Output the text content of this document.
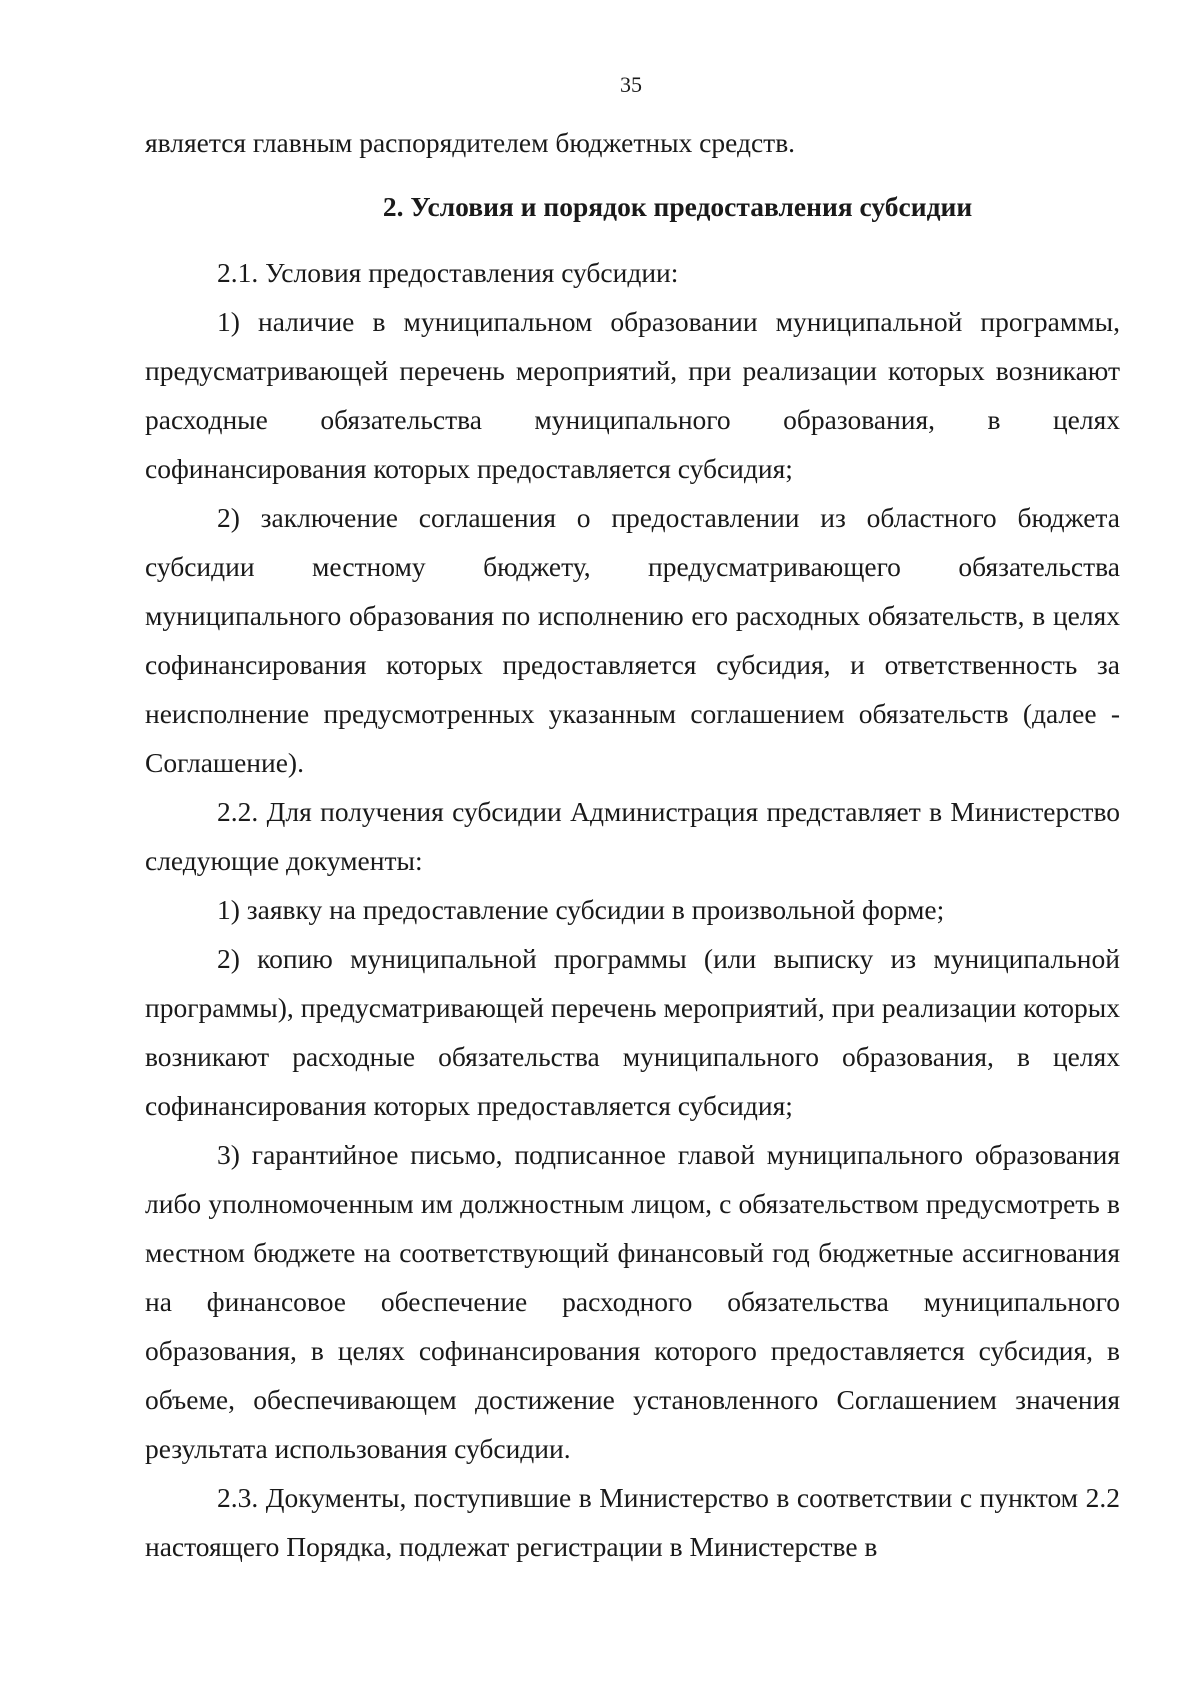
35

является главным распорядителем бюджетных средств.

2. Условия и порядок предоставления субсидии

2.1. Условия предоставления субсидии:

1) наличие в муниципальном образовании муниципальной программы, предусматривающей перечень мероприятий, при реализации которых возникают расходные обязательства муниципального образования, в целях софинансирования которых предоставляется субсидия;

2) заключение соглашения о предоставлении из областного бюджета субсидии местному бюджету, предусматривающего обязательства муниципального образования по исполнению его расходных обязательств, в целях софинансирования которых предоставляется субсидия, и ответственность за неисполнение предусмотренных указанным соглашением обязательств (далее - Соглашение).

2.2. Для получения субсидии Администрация представляет в Министерство следующие документы:

1) заявку на предоставление субсидии в произвольной форме;

2) копию муниципальной программы (или выписку из муниципальной программы), предусматривающей перечень мероприятий, при реализации которых возникают расходные обязательства муниципального образования, в целях софинансирования которых предоставляется субсидия;

3) гарантийное письмо, подписанное главой муниципального образования либо уполномоченным им должностным лицом, с обязательством предусмотреть в местном бюджете на соответствующий финансовый год бюджетные ассигнования на финансовое обеспечение расходного обязательства муниципального образования, в целях софинансирования которого предоставляется субсидия, в объеме, обеспечивающем достижение установленного Соглашением значения результата использования субсидии.

2.3. Документы, поступившие в Министерство в соответствии с пунктом 2.2 настоящего Порядка, подлежат регистрации в Министерстве в
